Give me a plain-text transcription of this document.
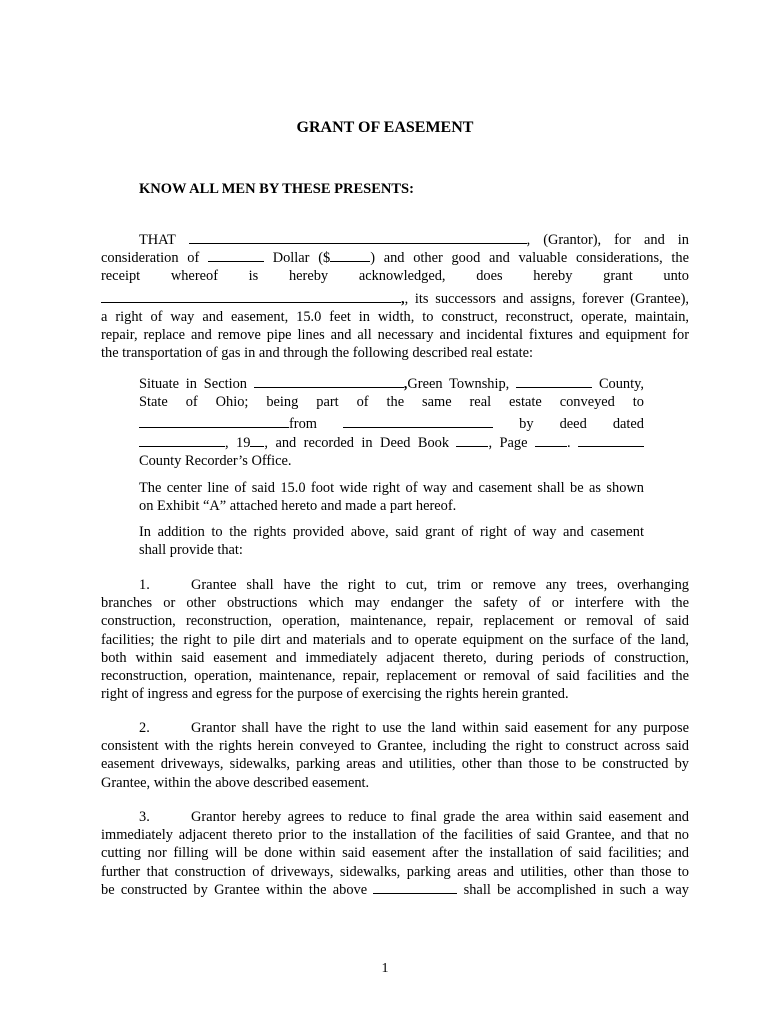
GRANT OF EASEMENT
KNOW ALL MEN BY THESE PRESENTS:
THAT	, (Grantor), for and in
consideration of	Dollar ($	) and other good and valuable considerations, the
receipt whereof is hereby acknowledged, does hereby grant unto
,, its successors and assigns, forever (Grantee),
a right of way and easement, 15.0 feet in width, to construct, reconstruct, operate, maintain,
repair, replace and remove pipe lines and all necessary and incidental fixtures and equipment for
the transportation of gas in and through the following described real estate:
Situate in Section	,Green Township,	County,
State of Ohio; being part of the same real estate conveyed to
from	by deed dated
, 19 , and recorded in Deed Book	, Page	.
County Recorder’s Office.
The center line of said 15.0 foot wide right of way and casement shall be as shown
on Exhibit “A” attached hereto and made a part hereof.
In addition to the rights provided above, said grant of right of way and casement
shall provide that:
1.	Grantee shall have the right to cut, trim or remove any trees, overhanging
branches or other obstructions which may endanger the safety of or interfere with the
construction, reconstruction, operation, maintenance, repair, replacement or removal of said
facilities; the right to pile dirt and materials and to operate equipment on the surface of the land,
both within said easement and immediately adjacent thereto, during periods of construction,
reconstruction, operation, maintenance, repair, replacement or removal of said facilities and the
right of ingress and egress for the purpose of exercising the rights herein granted.
2.	Grantor shall have the right to use the land within said easement for any purpose
consistent with the rights herein conveyed to Grantee, including the right to construct across said
easement driveways, sidewalks, parking areas and utilities, other than those to be constructed by
Grantee, within the above described easement.
3.	Grantor hereby agrees to reduce to final grade the area within said easement and
immediately adjacent thereto prior to the installation of the facilities of said Grantee, and that no
cutting nor filling will be done within said easement after the installation of said facilities; and
further that construction of driveways, sidewalks, parking areas and utilities, other than those to
be constructed by Grantee within the above	shall be accomplished in such a way
1
